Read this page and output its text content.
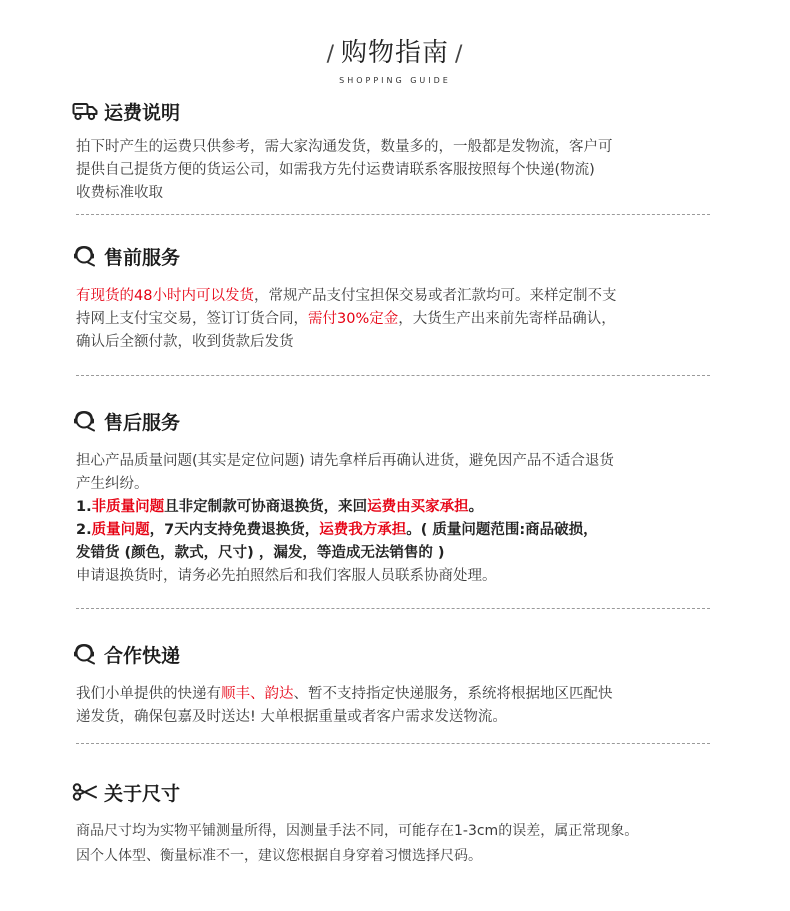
/ 购物指南 /
SHOPPING GUIDE
运费说明

拍下时产生的运费只供参考，需大家沟通发货，数量多的，一般都是发物流，客户可

提供自己提货方便的货运公司，如需我方先付运费请联系客服按照每个快递(物流)

收费标准收取

售前服务

有现货的48小时内可以发货，常规产品支付宝担保交易或者汇款均可。来样定制不支

持网上支付宝交易，签订订货合同，需付30%定金，大货生产出来前先寄样品确认，

确认后全额付款，收到货款后发货

售后服务

担心产品质量问题(其实是定位问题) 请先拿样后再确认进货，避免因产品不适合退货

产生纠纷。

1.非质量问题且非定制款可协商退换货，来回运费由买家承担。

2.质量问题，7天内支持免费退换货，运费我方承担。( 质量问题范围:商品破损，

发错货 (颜色，款式，尺寸) ，漏发，等造成无法销售的 )

申请退换货时，请务必先拍照然后和我们客服人员联系协商处理。

合作快递

我们小单提供的快递有顺丰、韵达、暂不支持指定快递服务，系统将根据地区匹配快

递发货，确保包嘉及时送达! 大单根据重量或者客户需求发送物流。

关于尺寸

商品尺寸均为实物平铺测量所得，因测量手法不同，可能存在1-3cm的误差，属正常现象。

因个人体型、衡量标准不一，建议您根据自身穿着习惯选择尺码。
